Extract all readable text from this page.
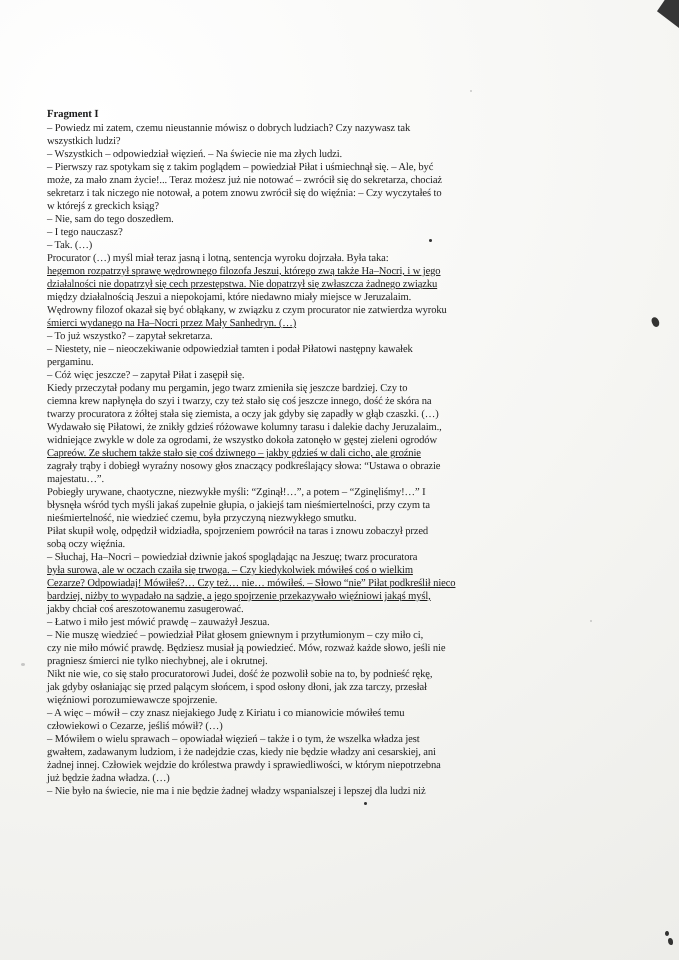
Fragment I
– Powiedz mi zatem, czemu nieustannie mówisz o dobrych ludziach? Czy nazywasz tak
wszystkich ludzi?
– Wszystkich – odpowiedział więzień. – Na świecie nie ma złych ludzi.
– Pierwszy raz spotykam się z takim poglądem – powiedział Piłat i uśmiechnął się. – Ale, być
może, za mało znam życie!... Teraz możesz już nie notować – zwrócił się do sekretarza, chociaż
sekretarz i tak niczego nie notował, a potem znowu zwrócił się do więźnia: – Czy wyczytałeś to
w którejś z greckich ksiąg?
– Nie, sam do tego doszedłem.
– I tego nauczasz?
– Tak. (…)
Procurator (…) myśl miał teraz jasną i lotną, sentencja wyroku dojrzała. Była taka:
hegemon rozpatrzył sprawę wędrownego filozofa Jeszui, którego zwą także Ha–Nocri, i w jego
działalności nie dopatrzył się cech przestępstwa. Nie dopatrzył się zwłaszcza żadnego związku
między działalnością Jeszui a niepokojami, które niedawno miały miejsce w Jeruzalaim.
Wędrowny filozof okazał się być obłąkany, w związku z czym procurator nie zatwierdza wyroku
śmierci wydanego na Ha–Nocri przez Mały Sanhedryn. (…)
– To już wszystko? – zapytał sekretarza.
– Niestety, nie – nieoczekiwanie odpowiedział tamten i podał Piłatowi następny kawałek
pergaminu.
– Cóż więc jeszcze? – zapytał Piłat i zasępił się.
Kiedy przeczytał podany mu pergamin, jego twarz zmieniła się jeszcze bardziej. Czy to
ciemna krew napłynęła do szyi i twarzy, czy też stało się coś jeszcze innego, dość że skóra na
twarzy procuratora z żółtej stała się ziemista, a oczy jak gdyby się zapadły w głąb czaszki. (…)
Wydawało się Piłatowi, że znikły gdzieś różowawe kolumny tarasu i dalekie dachy Jeruzalaim.,
widniejące zwykle w dole za ogrodami, że wszystko dokoła zatonęło w gęstej zieleni ogrodów
Capreów. Ze słuchem także stało się coś dziwnego – jakby gdzieś w dali cicho, ale groźnie
zagrały trąby i dobiegł wyraźny nosowy głos znaczący podkreślający słowa: “Ustawa o obrazie
majestatu…”.
Pobiegły urywane, chaotyczne, niezwykłe myśli: “Zginął!…”, a potem – “Zginęliśmy!…” I
błysnęła wśród tych myśli jakaś zupełnie głupia, o jakiejś tam nieśmiertelności, przy czym ta
nieśmiertelność, nie wiedzieć czemu, była przyczyną niezwykłego smutku.
Piłat skupił wolę, odpędził widziadła, spojrzeniem powrócił na taras i znowu zobaczył przed
sobą oczy więźnia.
– Słuchaj, Ha–Nocri – powiedział dziwnie jakoś spoglądając na Jeszuę; twarz procuratora
była surowa, ale w oczach czaiła się trwoga. – Czy kiedykolwiek mówiłeś coś o wielkim
Cezarze? Odpowiadaj! Mówiłeś?… Czy też… nie… mówiłeś. – Słowo “nie” Piłat podkreślił nieco
bardziej, niżby to wypadało na sądzie, a jego spojrzenie przekazywało więźniowi jakąś myśl,
jakby chciał coś areszotowanemu zasugerować.
– Łatwo i miło jest mówić prawdę – zauważył Jeszua.
– Nie muszę wiedzieć – powiedział Piłat głosem gniewnym i przytłumionym – czy miło ci,
czy nie miło mówić prawdę. Będziesz musiał ją powiedzieć. Mów, rozważ każde słowo, jeśli nie
pragniesz śmierci nie tylko niechybnej, ale i okrutnej.
Nikt nie wie, co się stało procuratorowi Judei, dość że pozwolił sobie na to, by podnieść rękę,
jak gdyby osłaniając się przed palącym słońcem, i spod osłony dłoni, jak zza tarczy, przesłał
więźniowi porozumiewawcze spojrzenie.
– A więc – mówił – czy znasz niejakiego Judę z Kiriatu i co mianowicie mówiłeś temu
człowiekowi o Cezarze, jeśliś mówił? (…)
– Mówiłem o wielu sprawach – opowiadał więzień – także i o tym, że wszelka władza jest
gwałtem, zadawanym ludziom, i że nadejdzie czas, kiedy nie będzie władzy ani cesarskiej, ani
żadnej innej. Człowiek wejdzie do królestwa prawdy i sprawiedliwości, w którym niepotrzebna
już będzie żadna władza. (…)
– Nie było na świecie, nie ma i nie będzie żadnej władzy wspanialszej i lepszej dla ludzi niż
